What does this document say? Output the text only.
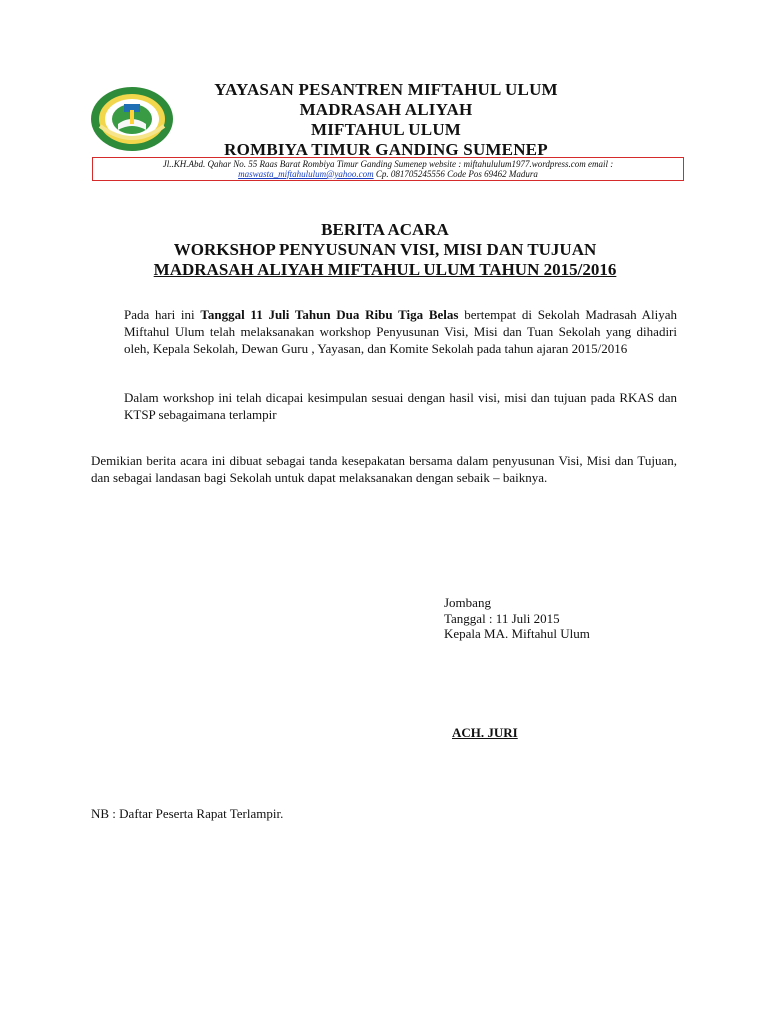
YAYASAN PESANTREN MIFTAHUL ULUM
MADRASAH ALIYAH
MIFTAHUL ULUM
ROMBIYA TIMUR GANDING SUMENEP
Jl..KH.Abd. Qahar No. 55 Raas Barat Rombiya Timur Ganding Sumenep website : miftahululum1977.wordpress.com email :
maswasta_miftahululum@yahoo.com Cp. 081705245556 Code Pos 69462 Madura
BERITA ACARA
WORKSHOP PENYUSUNAN VISI, MISI DAN TUJUAN
MADRASAH ALIYAH MIFTAHUL ULUM TAHUN 2015/2016
Pada hari ini Tanggal 11 Juli Tahun Dua Ribu Tiga Belas bertempat di Sekolah Madrasah Aliyah Miftahul Ulum telah melaksanakan workshop Penyusunan Visi, Misi dan Tuan Sekolah yang dihadiri oleh, Kepala Sekolah, Dewan Guru , Yayasan, dan Komite Sekolah pada tahun ajaran 2015/2016
Dalam workshop ini telah dicapai kesimpulan sesuai dengan hasil visi, misi dan tujuan pada RKAS dan KTSP sebagaimana terlampir
Demikian berita acara ini dibuat sebagai tanda kesepakatan bersama dalam penyusunan Visi, Misi dan Tujuan, dan sebagai landasan bagi Sekolah untuk dapat melaksanakan dengan sebaik – baiknya.
Jombang
Tanggal : 11 Juli 2015
Kepala MA. Miftahul Ulum
ACH. JURI
NB : Daftar Peserta Rapat Terlampir.
